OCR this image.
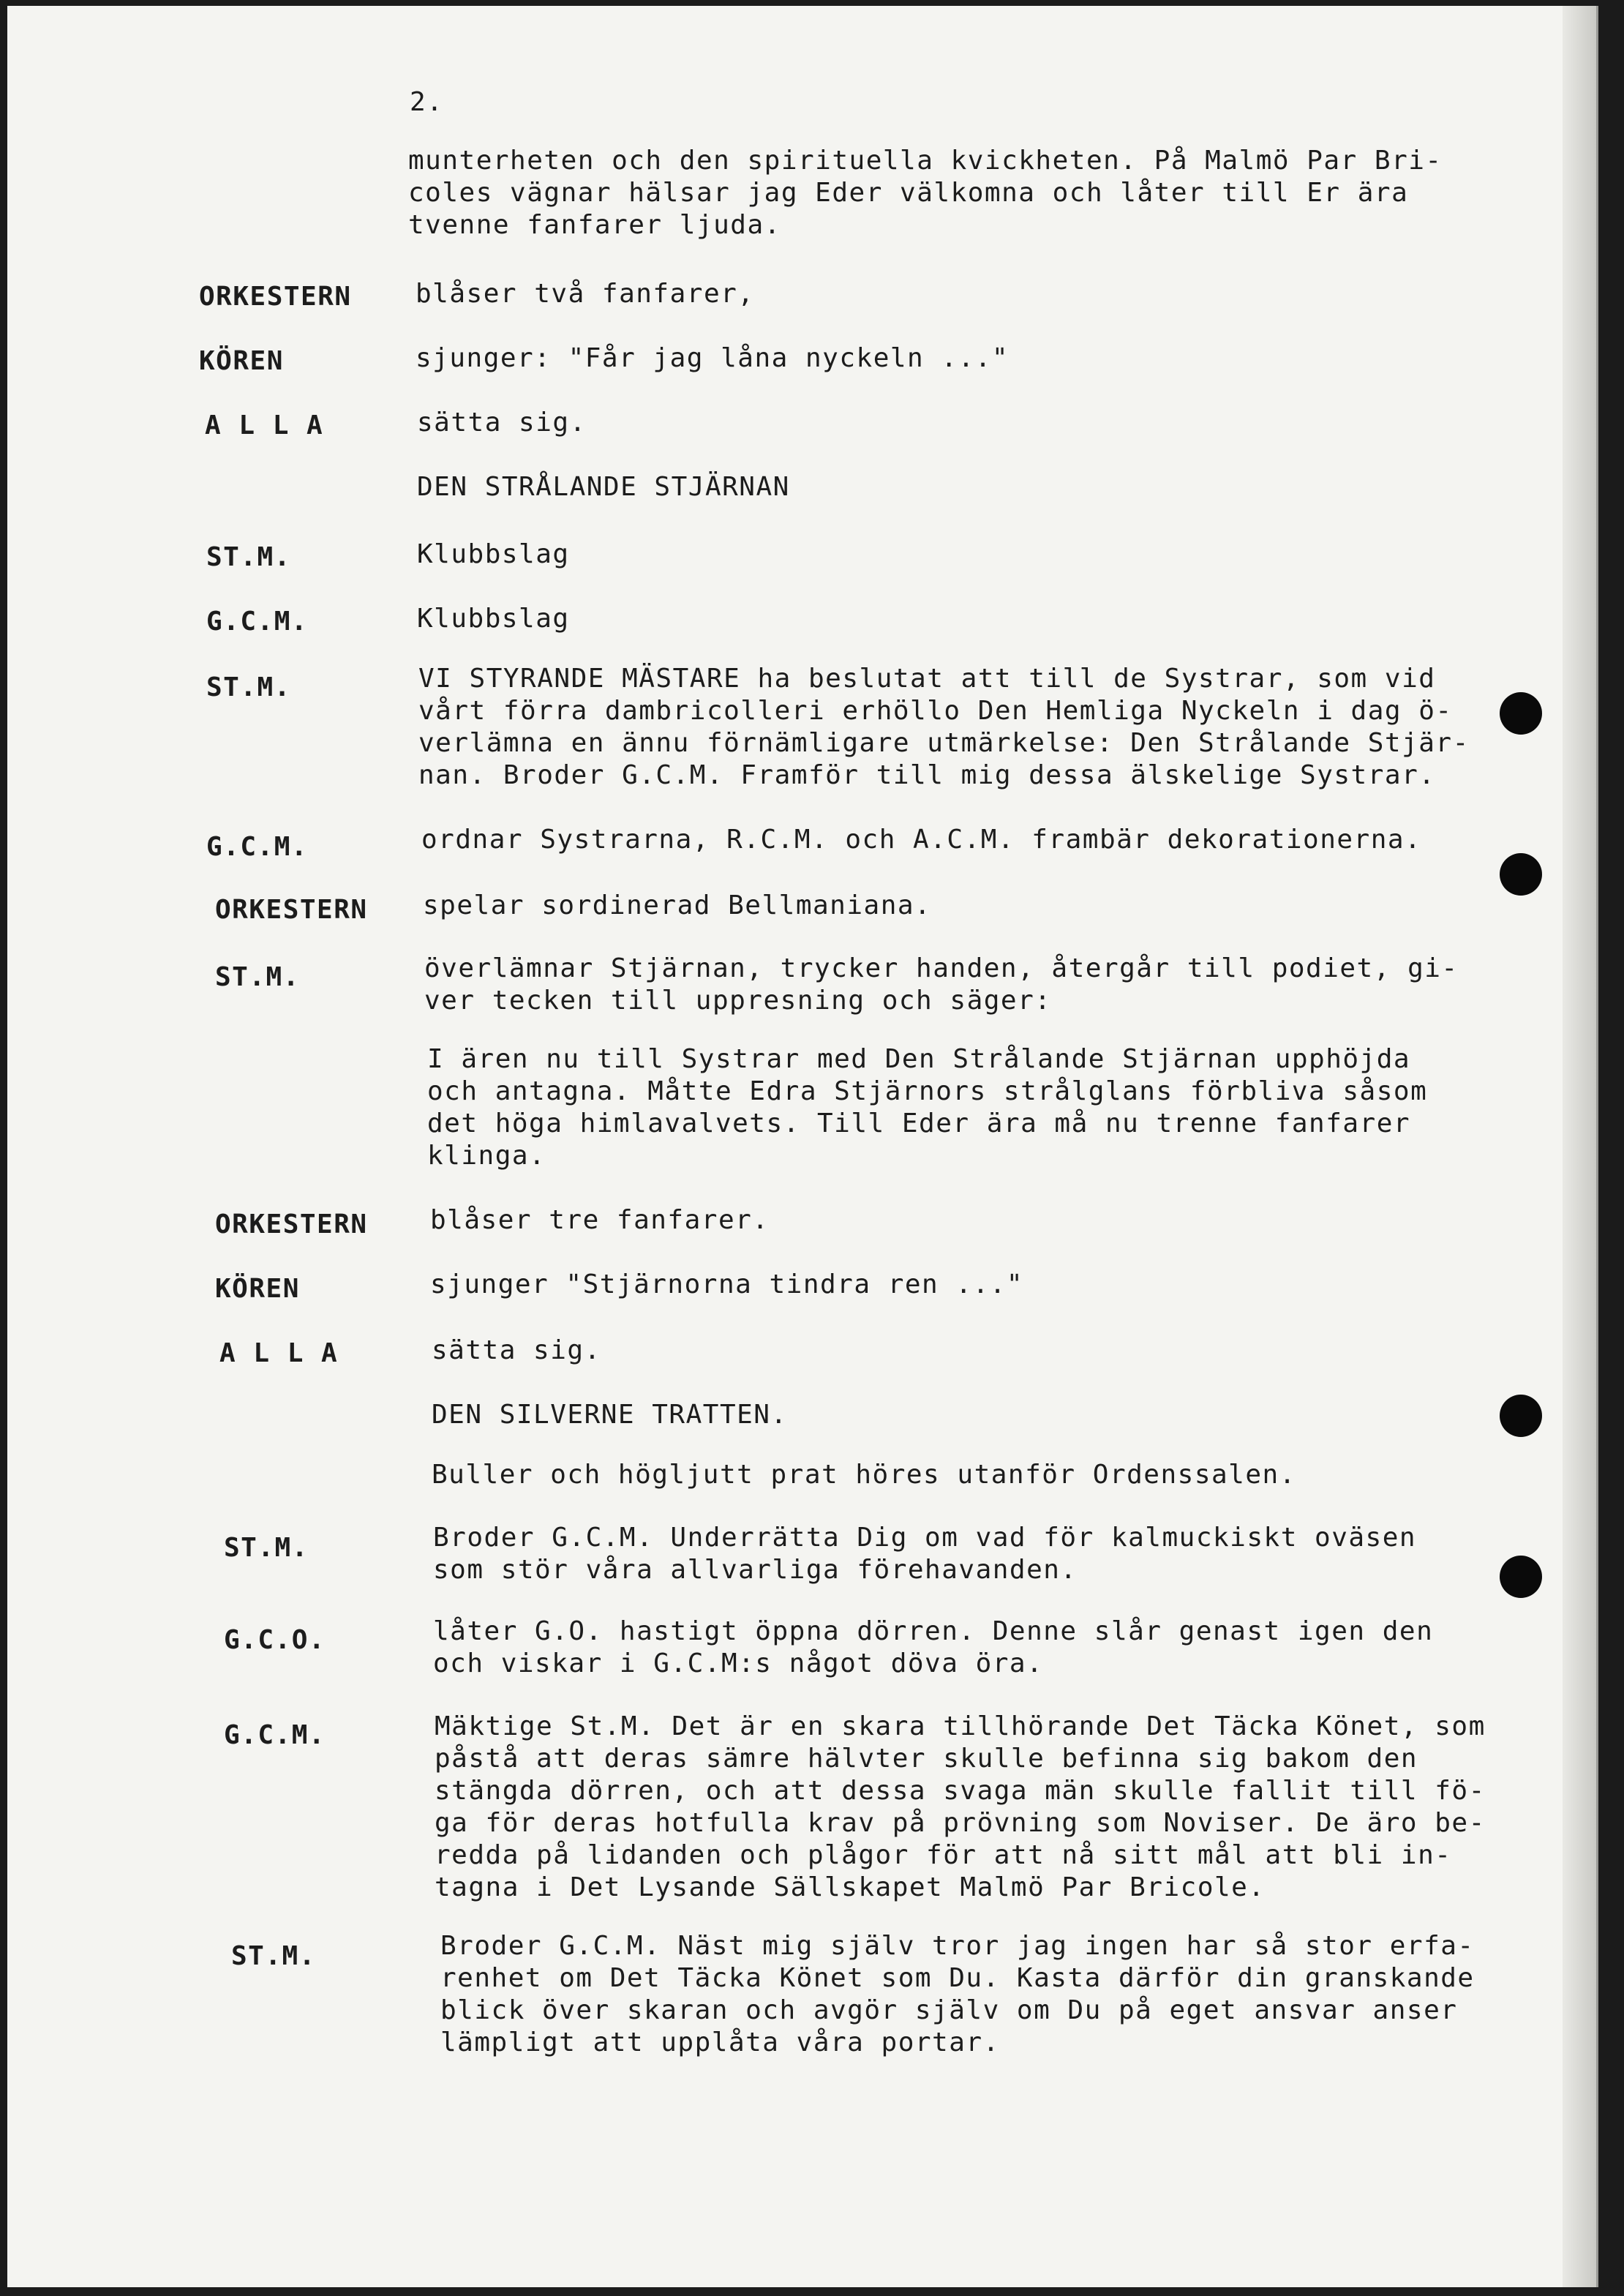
2.
munterheten och den spirituella kvickheten. På Malmö Par Bri-
coles vägnar hälsar jag Eder välkomna och låter till Er ära
tvenne fanfarer ljuda.
ORKESTERN blåser två fanfarer,
KÖREN	sjunger: "Får jag låna nyckeln ..."
A L L A	sätta sig.
DEN STRÅLANDE STJÄRNAN
ST.M.	Klubbslag
G.C.M.	Klubbslag
ST.M.	VI STYRANDE MÄSTARE ha beslutat att till de Systrar, som vid
vårt förra dambricolleri erhöllo Den Hemliga Nyckeln i dag ö-
verlämna en ännu förnämligare utmärkelse: Den Strålande Stjär-
nan. Broder G.C.M. Framför till mig dessa älskelige Systrar.
G.C.M.	ordnar Systrarna, R.C.M. och A.C.M. frambär dekorationerna.
ORKESTERN spelar sordinerad Bellmaniana.
ST.M.	överlämnar Stjärnan, trycker handen, återgår till podiet, gi-
ver tecken till uppresning och säger:
I ären nu till Systrar med Den Strålande Stjärnan upphöjda
och antagna. Måtte Edra Stjärnors strålglans förbliva såsom
det höga himlavalvets. Till Eder ära må nu trenne fanfarer
klinga.
ORKESTERN blåser tre fanfarer.
KÖREN	sjunger "Stjärnorna tindra ren ..."
A L L A	sätta sig.
DEN SILVERNE TRATTEN.
Buller och högljutt prat höres utanför Ordenssalen.
ST.M.	Broder G.C.M. Underrätta Dig om vad för kalmuckiskt oväsen
som stör våra allvarliga förehavanden.
G.C.O.	låter G.O. hastigt öppna dörren. Denne slår genast igen den
och viskar i G.C.M:s något döva öra.
G.C.M.	Mäktige St.M. Det är en skara tillhörande Det Täcka Könet, som
påstå att deras sämre hälvter skulle befinna sig bakom den
stängda dörren, och att dessa svaga män skulle fallit till fö-
ga för deras hotfulla krav på prövning som Noviser. De äro be-
redda på lidanden och plågor för att nå sitt mål att bli in-
tagna i Det Lysande Sällskapet Malmö Par Bricole.
ST.M.	Broder G.C.M. Näst mig själv tror jag ingen har så stor erfa-
renhet om Det Täcka Könet som Du. Kasta därför din granskande
blick över skaran och avgör själv om Du på eget ansvar anser
lämpligt att upplåta våra portar.
